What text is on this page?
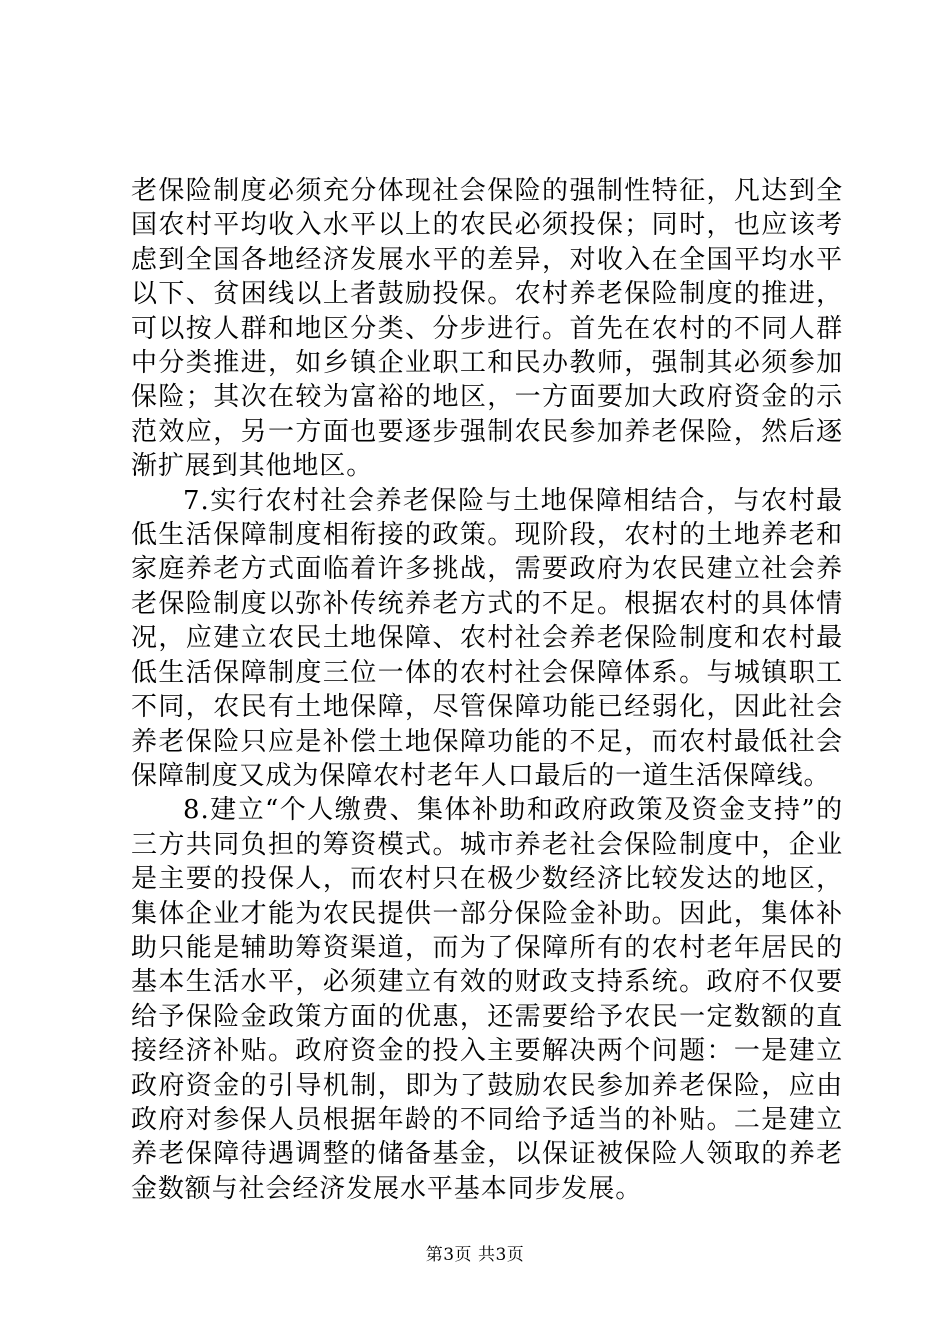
老保险制度必须充分体现社会保险的强制性特征，凡达到全国农村平均收入水平以上的农民必须投保；同时，也应该考虑到全国各地经济发展水平的差异，对收入在全国平均水平以下、贫困线以上者鼓励投保。农村养老保险制度的推进，可以按人群和地区分类、分步进行。首先在农村的不同人群中分类推进，如乡镇企业职工和民办教师，强制其必须参加保险；其次在较为富裕的地区，一方面要加大政府资金的示范效应，另一方面也要逐步强制农民参加养老保险，然后逐渐扩展到其他地区。

7.实行农村社会养老保险与土地保障相结合，与农村最低生活保障制度相衔接的政策。现阶段，农村的土地养老和家庭养老方式面临着许多挑战，需要政府为农民建立社会养老保险制度以弥补传统养老方式的不足。根据农村的具体情况，应建立农民土地保障、农村社会养老保险制度和农村最低生活保障制度三位一体的农村社会保障体系。与城镇职工不同，农民有土地保障，尽管保障功能已经弱化，因此社会养老保险只应是补偿土地保障功能的不足，而农村最低社会保障制度又成为保障农村老年人口最后的一道生活保障线。

8.建立“个人缴费、集体补助和政府政策及资金支持”的三方共同负担的筹资模式。城市养老社会保险制度中，企业是主要的投保人，而农村只在极少数经济比较发达的地区，集体企业才能为农民提供一部分保险金补助。因此，集体补助只能是辅助筹资渠道，而为了保障所有的农村老年居民的基本生活水平，必须建立有效的财政支持系统。政府不仅要给予保险金政策方面的优惠，还需要给予农民一定数额的直接经济补贴。政府资金的投入主要解决两个问题：一是建立政府资金的引导机制，即为了鼓励农民参加养老保险，应由政府对参保人员根据年龄的不同给予适当的补贴。二是建立养老保障待遇调整的储备基金，以保证被保险人领取的养老金数额与社会经济发展水平基本同步发展。

第3页 共3页
